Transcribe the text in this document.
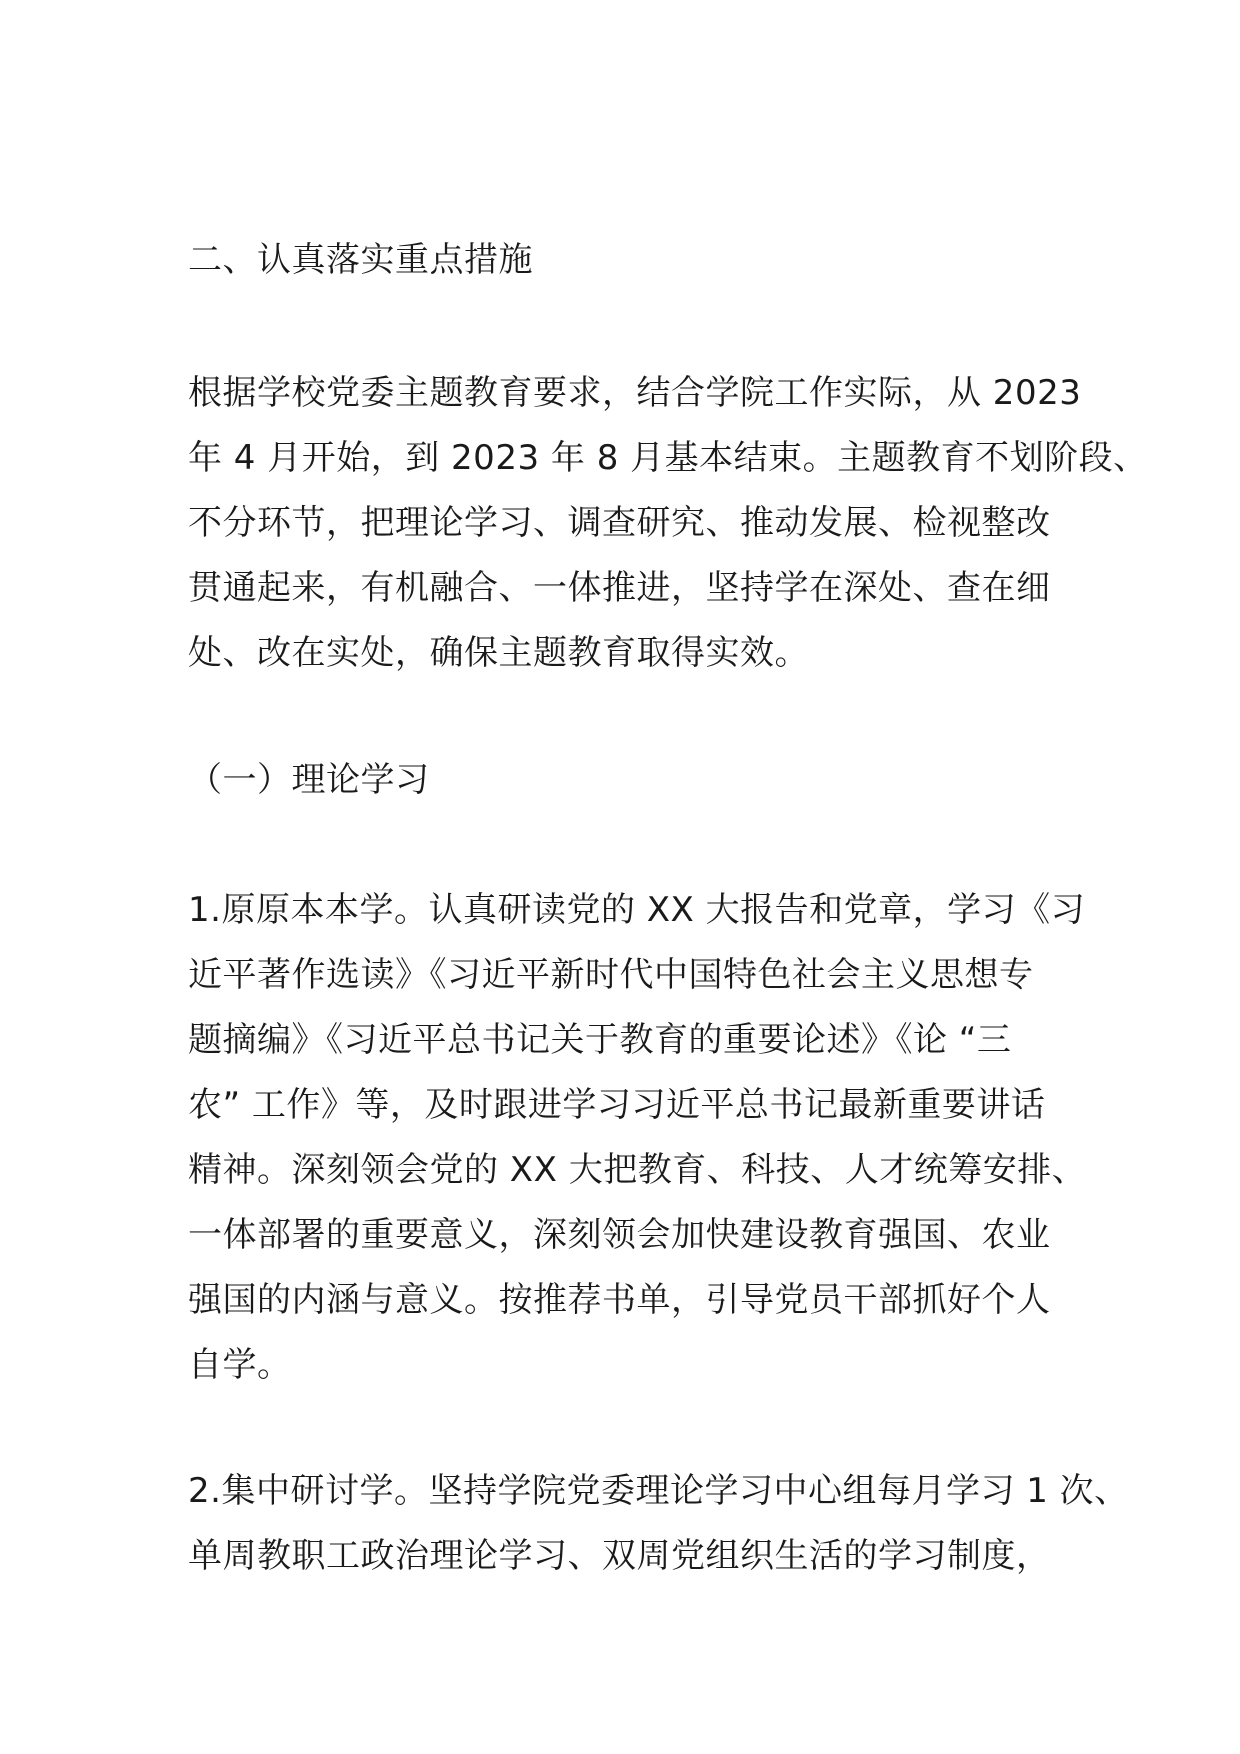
二、认真落实重点措施
根据学校党委主题教育要求，结合学院工作实际，从 2023
年 4 月开始，到 2023 年 8 月基本结束。主题教育不划阶段、
不分环节，把理论学习、调查研究、推动发展、检视整改
贯通起来，有机融合、一体推进，坚持学在深处、查在细
处、改在实处，确保主题教育取得实效。
（一）理论学习
1.原原本本学。认真研读党的 XX 大报告和党章，学习《习
近平著作选读》《习近平新时代中国特色社会主义思想专
题摘编》《习近平总书记关于教育的重要论述》《论 “三
农” 工作》等，及时跟进学习习近平总书记最新重要讲话
精神。深刻领会党的 XX 大把教育、科技、人才统筹安排、
一体部署的重要意义，深刻领会加快建设教育强国、农业
强国的内涵与意义。按推荐书单，引导党员干部抓好个人
自学。
2.集中研讨学。坚持学院党委理论学习中心组每月学习 1 次、
单周教职工政治理论学习、双周党组织生活的学习制度，
